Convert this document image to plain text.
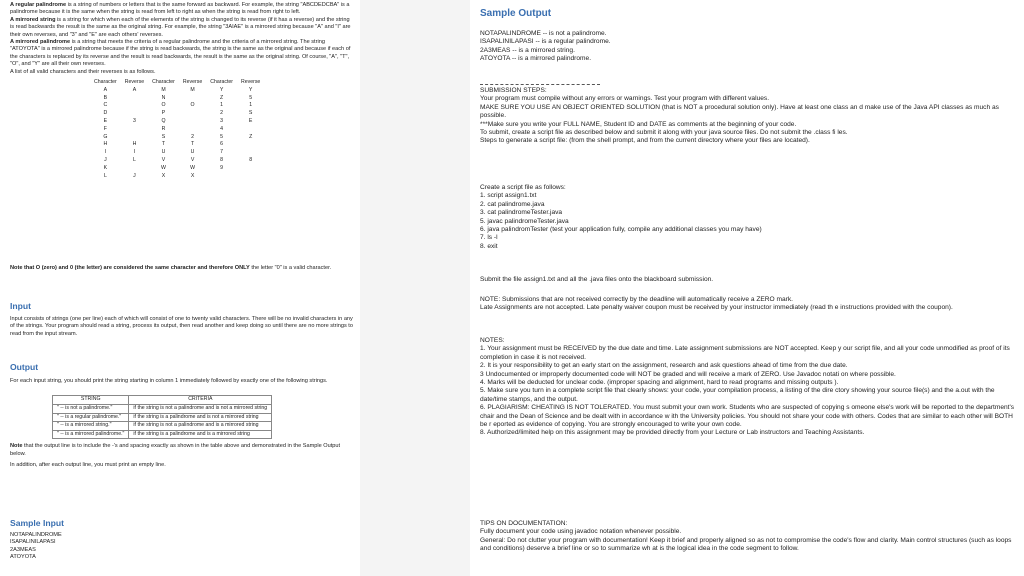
A regular palindrome is a string of numbers or letters that is the same forward as backward. For example, the string "ABCDEDCBA" is a palindrome because it is the same when the string is read from left to right as when the string is read from right to left.

A mirrored string is a string for which when each of the elements of the string is changed to its reverse (if it has a reverse) and the string is read backwards the result is the same as the original string. For example, the string "3AIAE" is a mirrored string because "A" and "I" are their own reverses, and "3" and "E" are each others' reverses.

A mirrored palindrome is a string that meets the criteria of a regular palindrome and the criteria of a mirrored string. The string "ATOYOTA" is a mirrored palindrome because if the string is read backwards, the string is the same as the original and because if each of the characters is replaced by its reverse and the result is read backwards, the result is the same as the original string. Of course, "A", "T", "O", and "Y" are all their own reverses.

A list of all valid characters and their reverses is as follows.

Character	Reverse	Character	Reverse	Character	Reverse
A	A	M	M	Y	Y
B		N		Z	5
C		O	O	1	1
D		P		2	S
E	3	Q		3	E
F		R		4	
G		S	2	5	Z
H	H	T	T	6	
I	I	U	U	7	
J	L	V	V	8	8
K		W	W	9	
L	J	X	X		

Note that O (zero) and 0 (the letter) are considered the same character and therefore ONLY the letter "0" is a valid character.

Input

Input consists of strings (one per line) each of which will consist of one to twenty valid characters. There will be no invalid characters in any of the strings. Your program should read a string, process its output, then read another and keep doing so until there are no more strings to read from the input stream.

Output

For each input string, you should print the string starting in column 1 immediately followed by exactly one of the following strings.

STRING	CRITERIA
" -- is not a palindrome."	if the string is not a palindrome and is not a mirrored string
" -- is a regular palindrome."	if the string is a palindrome and is not a mirrored string
" -- is a mirrored string."	if the string is not a palindrome and is a mirrored string
" -- is a mirrored palindrome."	if the string is a palindrome and is a mirrored string

Note that the output line is to include the -'s and spacing exactly as shown in the table above and demonstrated in the Sample Output below.

In addition, after each output line, you must print an empty line.

Sample Input

NOTAPALINDROME

ISAPALINILAPASI

2A3MEAS

ATOYOTA

Sample Output

NOTAPALINDROME -- is not a palindrome.

ISAPALINILAPASI -- is a regular palindrome.

2A3MEAS -- is a mirrored string.

ATOYOTA -- is a mirrored palindrome.

SUBMISSION STEPS:

Your program must compile without any errors or warnings. Test your program with different values.

MAKE SURE YOU USE AN OBJECT ORIENTED SOLUTION (that is NOT a procedural solution only). Have at least one class an d make use of the Java API classes as much as possible.

***Make sure you write your FULL NAME, Student ID and DATE as comments at the beginning of your code.

To submit, create a script file as described below and submit it along with your java source files. Do not submit the .class fi les.

Steps to generate a script file: (from the shell prompt, and from the current directory where your files are located).

Create a script file as follows:

1. script assign1.txt

2. cat palindrome.java

3. cat palindromeTester.java

5. javac palindromeTester.java

6. java palindromTester (test your application fully, compile any additional classes you may have)

7. ls -l

8. exit

Submit the file assign1.txt and all the .java files onto the blackboard submission.

NOTE: Submissions that are not received correctly by the deadline will automatically receive a ZERO mark.

Late Assignments are not accepted. Late penalty waiver coupon must be received by your instructor immediately (read th e instructions provided with the coupon).

NOTES:

1. Your assignment must be RECEIVED by the due date and time. Late assignment submissions are NOT accepted. Keep y our script file, and all your code unmodified as proof of its completion in case it is not received.

2. It is your responsibility to get an early start on the assignment, research and ask questions ahead of time from the due date.

3 Undocumented or improperly documented code will NOT be graded and will receive a mark of ZERO. Use Javadoc notati on where possible.

4. Marks will be deducted for unclear code. (improper spacing and alignment, hard to read programs and missing outputs ).

5. Make sure you turn in a complete script file that clearly shows: your code, your compilation process, a listing of the dire ctory showing your source file(s) and the a.out with the date/time stamps, and the output.

6. PLAGIARISM: CHEATING IS NOT TOLERATED. You must submit your own work. Students who are suspected of copying s omeone else's work will be reported to the department's chair and the Dean of Science and be dealt with in accordance w ith the University policies. You should not share your code with others. Codes that are similar to each other will BOTH be r eported as evidence of copying. You are strongly encouraged to write your own code.

8. Authorized/limited help on this assignment may be provided directly from your Lecture or Lab instructors and Teaching Assistants.

TIPS ON DOCUMENTATION:

Fully document your code using javadoc notation whenever possible.

General: Do not clutter your program with documentation! Keep it brief and properly aligned so as not to compromise the code's flow and clarity. Main control structures (such as loops and conditions) deserve a brief line or so to summarize wh at is the logical idea in the code segment to follow.
